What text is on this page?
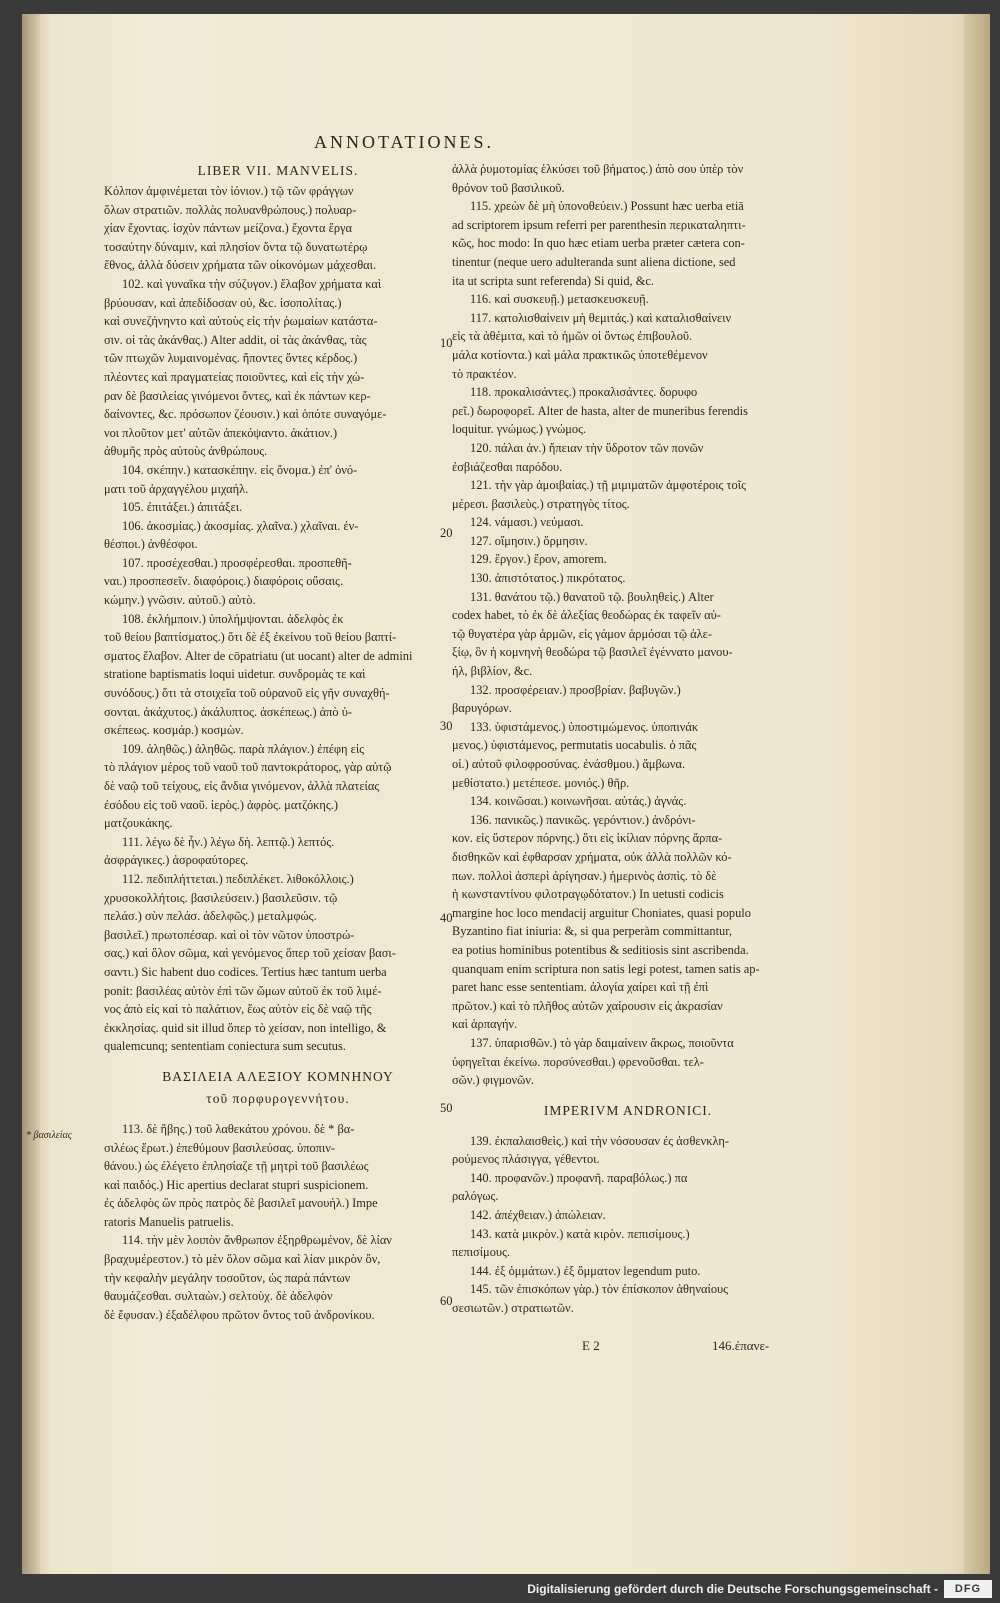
ANNOTATIONES.
LIBER VII. MANVELIS.
Κόλπον ἀμφινέμεται τὸν ἰόνιον.) τῷ τῶν φράγγων
ὅλων στρατιῶν. πολλὰς πολυανθρώπους.) πολυαρ-
χίαν ἔχοντας. ἰσχὺν πάντων μείζονα.) ἔχοντα ἔργα
τοσαύτην δύναμιν, καὶ πλησίον ὄντα τῷ δυνατωτέρῳ
ἔθνος, ἀλλὰ δύσειν χρήματα τῶν οἰκονόμων μάχεσθαι.
102. καὶ γυναῖκα τὴν σύζυγον.) ἔλαβον χρήματα καὶ
βρύουσαν, καὶ ἀπεδίδοσαν οὐ, &c. ἰσοπολίτας.)
καὶ συνεζήνηντο καὶ αὐτοὺς εἰς τὴν ῥωμαίων κατάστα-
σιν. οἱ τὰς ἀκάνθας.) Alter addit, οἱ τὰς ἀκάνθας, τὰς
τῶν πτωχῶν λυμαινομένας. ἥποντες ὄντες κέρδος.)
πλέοντες καὶ πραγματείας ποιοῦντες, καὶ εἰς τὴν χώ-
ραν δὲ βασιλείας γινόμενοι ὄντες, καὶ ἐκ πάντων κερ-
δαίνοντες, &c. πρόσωπον ζέουσιν.) καὶ ὁπότε συναγόμε-
νοι πλοῦτον μετ' αὐτῶν ἀπεκόψαντο. ἀκάτιον.)
ἀθυμῆς πρὸς αὐτοὺς ἀνθρώπους.
104. σκέπην.) κατασκέπην. εἰς ὄνομα.) ἐπ' ὀνό-
ματι τοῦ ἀρχαγγέλου μιχαήλ.
105. ἐπιτάξει.) ἀπιτάξει.
106. ἀκοσμίας.) ἀκοσμίας. χλαῖνα.) χλαῖναι. ἐν-
θέσποι.) ἀνθέσφοι.
107. προσέχεσθαι.) προσφέρεσθαι. προσπεθῆ-
ναι.) προσπεσεῖν. διαφόροις.) διαφόροις οὔσαις.
κώμην.) γνῶσιν. αὐτοῦ.) αὐτὸ.
108. ἐκλήμποιν.) ὑπολήμψονται. ἀδελφὸς ἐκ
τοῦ θείου βαπτίσματος.) ὅτι δὲ ἐξ ἐκείνου τοῦ θείου βαπτί-
σματος ἔλαβον. Alter de cōpatriatu (ut uocant) alter de admini
stratione baptismatis loqui uidetur. συνδρομὰς τε καὶ
συνόδους.) ὅτι τὰ στοιχεῖα τοῦ οὐρανοῦ εἰς γῆν συναχθή-
σονται. ἀκάχυτος.) ἀκάλυπτος. ἀσκέπεως.) ἀπὸ ὑ-
σκέπεως. κοσμάρ.) κοσμὼν.
109. ἀληθῶς.) ἀληθῶς. παρὰ πλάγιον.) ἐπέφη εἰς
τὸ πλάγιον μέρος τοῦ ναοῦ τοῦ παντοκράτορος, γὰρ αὐτῷ
δὲ ναῷ τοῦ τείχους, εἰς ἄνδια γινόμενον, ἀλλὰ πλατείας
ἐσόδου εἰς τοῦ ναοῦ. ἱερὸς.) ἀφρὸς. ματζόκης.)
ματζουκάκης.
111. λέγω δὲ ἦν.) λέγω δὴ. λεπτῷ.) λεπτός.
ἀσφράγικες.) ἀσροφαύτορες.
112. πεδιπλήττεται.) πεδιπλέκετ. λιθοκόλλοις.)
χρυσοκολλήτοις. βασιλεύσειν.) βασιλεῦσιν. τῷ
πελάσ.) σὺν πελάσ. ἀδελφῶς.) μεταλμφώς.
βασιλεῖ.) πρωτοπέσαρ. καὶ οἱ τὸν νῶτον ὑποστρώ-
σας.) καὶ ὅλον σῶμα, καὶ γενόμενος ὅπερ τοῦ χείσαν βασι-
σαντι.) Sic habent duo codices. Tertius hæc tantum uerba
ponit: βασιλέας αὐτὸν ἐπὶ τῶν ὤμων αὐτοῦ ἐκ τοῦ λιμέ-
νος ἀπὸ εἰς καὶ τὸ παλάτιον, ἕως αὐτὸν εἰς δὲ ναῷ τῆς
ἐκκλησίας. quid sit illud ὅπερ τὸ χείσαν, non intelligo, &
qualemcunq; sententiam coniectura sum secutus.
ΒΑΣΙΛΕΙΑ ΑΛΕΞΙΟΥ ΚΟΜΝΗΝΟΥ
τοῦ πορφυρογεννήτου.
113. δὲ ἥβης.) τοῦ λαθεκάτου χρόνου. δὲ * βα-
σιλέως ἔρωτ.) ἐπεθύμουν βασιλεύσας. ὑποπιν-
θάνου.) ὡς ἐλέγετο ἐπλησίαζε τῇ μητρὶ τοῦ βασιλέως
καὶ παιδός.) Hic apertius declarat stupri suspicionem.
ἐς ἀδελφὸς ὢν πρὸς πατρὸς δὲ βασιλεῖ μανουήλ.) Impe
ratoris Manuelis patruelis.
114. τὴν μὲν λοιπὸν ἄνθρωπον ἐξηρθρωμένον, δὲ λίαν
βραχυμέρεστον.) τὸ μὲν ὅλον σῶμα καὶ λίαν μικρὸν ὄν,
τὴν κεφαλὴν μεγάλην τοσοῦτον, ὡς παρὰ πάντων
θαυμάζεσθαι. συλταὼν.) σελτοὺχ. δὲ ἀδελφὸν
δὲ ἔφυσαν.) ἐξαδέλφου πρῶτον ὄντος τοῦ ἀνδρονίκου.
ἀλλὰ ῥυμοτομίας ἑλκύσει τοῦ βήματος.) ἀπὸ σου ὑπὲρ τὸν
θρόνον τοῦ βασιλικοῦ.
115. χρεὼν δὲ μὴ ὑπονοθεύειν.) Possunt hæc uerba etiā
ad scriptorem ipsum referri per parenthesin περικαταληπτι-
κῶς, hoc modo: In quo hæc etiam uerba præter cætera con-
tinentur (neque uero adulteranda sunt aliena dictione, sed
ita ut scripta sunt referenda) Si quid, &c.
116. καὶ συσκευῇ.) μετασκευσκευῇ.
117. κατολισθαίνειν μὴ θεμιτάς.) καὶ καταλισθαίνειν
εἰς τὰ ἀθέμιτα, καὶ τὸ ἡμῶν οἱ ὄντως ἐπιβουλοῦ.
μάλα κοτίοντα.) καὶ μάλα πρακτικῶς ὑποτεθέμενον
τὸ πρακτέον.
118. προκαλισάντες.) προκαλισάντες. δορυφο
ρεῖ.) δωροφορεῖ. Alter de hasta, alter de muneribus ferendis
loquitur. γνώμως.) γνώμος.
120. πάλαι ἀν.) ἤπειαν τὴν ὕδροτον τῶν πονῶν
ἐσβιάζεσθαι παρόδου.
121. τὴν γὰρ ἀμοιβαίας.) τῇ μιμιματῶν ἀμφοτέροις τοῖς
μέρεσι. βασιλεὺς.) στρατηγὸς τίτος.
124. νάμασι.) νεύμασι.
127. οἴμησιν.) ὅρμησιν.
129. ἔργον.) ἔρον, amorem.
130. ἀπιστότατος.) πικρότατος.
131. θανάτου τῷ.) θανατοῦ τῷ. βουληθεὶς.) Alter
codex habet, τὸ ἐκ δὲ ἀλεξίας θεοδώρας ἐκ ταφεῖν αὐ-
τῷ θυγατέρα γὰρ ἀρμῶν, εἰς γάμον ἁρμόσαι τῷ ἀλε-
ξίῳ, ὃν ἡ κομνηνὴ θεοδώρα τῷ βασιλεῖ ἐγέννατο μανου-
ήλ, βιβλίον, &c.
132. προσφέρειαν.) προσβρίαν. βαβυγῶν.)
βαρυγόρων.
133. ὑφιστάμενος.) ὑποστιμώμενος. ὑποπινάκ
μενος.) ὑφιστάμενος, permutatis uocabulis. ὁ πᾶς
οἱ.) αὐτοῦ φιλοφροσύνας. ἐνάσθμου.) ἄμβωνα.
μεθίστατο.) μετέπεσε. μονιός.) θῆρ.
134. κοινῶσαι.) κοινωνῆσαι. αὐτάς.) ἀγνάς.
136. πανικῶς.) πανικῶς. γερόντιον.) ἀνδρόνι-
κον. εἰς ὕστερον πόρνης.) ὅτι εἰς ἰκίλιαν πόρνης ἅρπα-
δισθηκῶν καὶ ἐφθαρσαν χρήματα, οὐκ ἀλλὰ πολλῶν κό-
πων. πολλοὶ ἀσπερὶ ἀρίγησαν.) ἡμερινὸς ἀσπὶς. τὸ δὲ
ἡ κωνσταντίνου φιλοτραγῳδότατον.) In uetusti codicis
margine hoc loco mendacij arguitur Choniates, quasi populo
Byzantino fiat iniuria: &, si qua perperàm committantur,
ea potius hominibus potentibus & seditiosis sint ascribenda.
quanquam enim scriptura non satis legi potest, tamen satis ap-
paret hanc esse sententiam. ἀλογία χαίρει καὶ τῇ ἐπὶ
πρῶτον.) καὶ τὸ πλῆθος αὐτῶν χαίρουσιν εἰς ἀκρασίαν
καὶ ἁρπαγήν.
137. ὑπαρισθῶν.) τὸ γὰρ δαιμαίνειν ἄκρως, ποιοῦντα
ὑφηγεῖται ἐκείνω. πορσύνεσθαι.) φρενοῦσθαι. τελ-
σῶν.) φιγμονῶν.
IMPERIVM ANDRONICI.
139. ἐκπαλαισθεὶς.) καὶ τὴν νόσουσαν ἐς ἀσθενκλη-
ρούμενος πλάσιγγα, γέθεντοι.
140. προφανῶν.) προφανῆ. παραβόλως.) πα
ραλόγως.
142. ἀπέχθειαν.) ἀπώλειαν.
143. κατὰ μικρὸν.) κατὰ κιρὸν. πεπισίμους.)
πεπισίμους.
144. ἐξ ὀμμάτων.) ἐξ ὄμματον legendum puto.
145. τῶν ἐπισκόπων γὰρ.) τὸν ἐπίσκοπον ἀθηναίους
σεσιωτῶν.) στρατιωτῶν.
10
20
30
40
50
60
* βασιλείας
E 2	146.ἐπανε-
Digitalisierung gefördert durch die Deutsche Forschungsgemeinschaft -	DFG
